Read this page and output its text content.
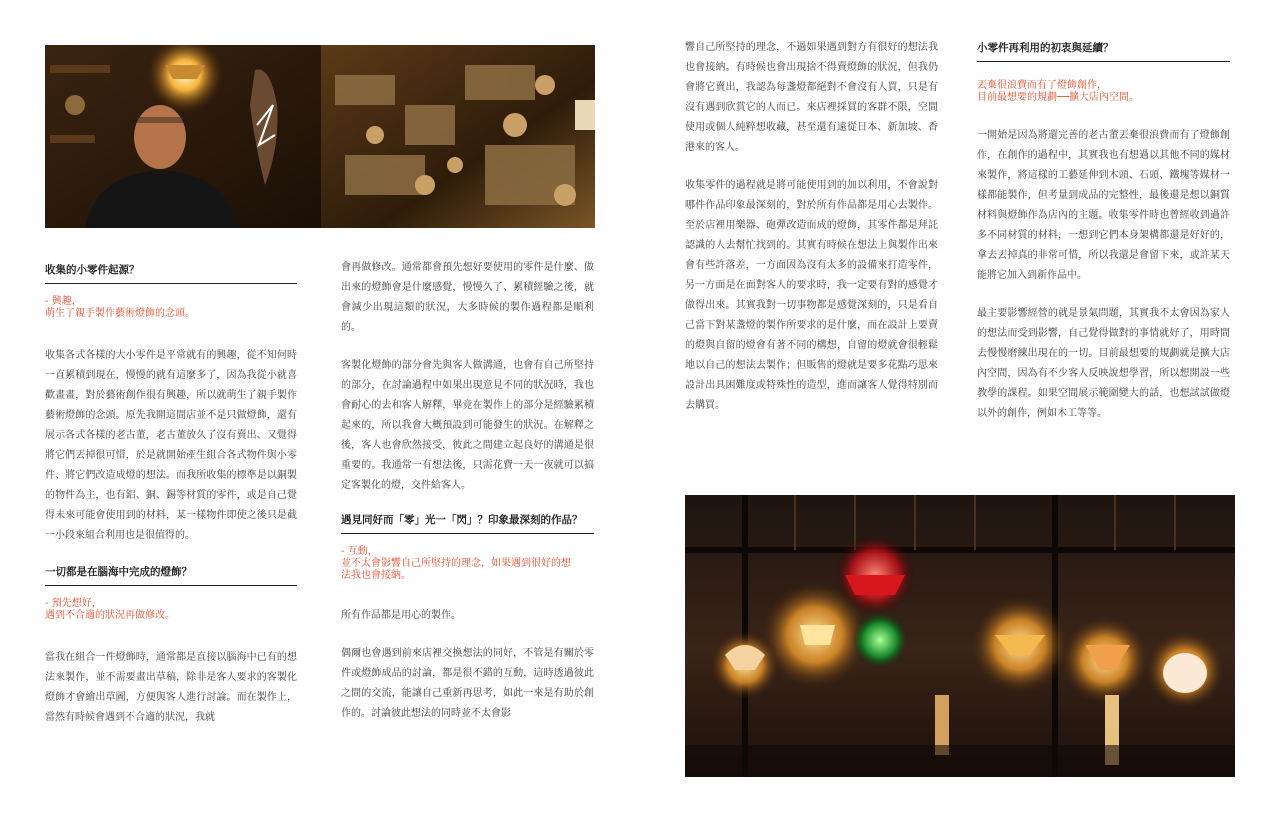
收集的小零件起源？

- 興趣，
萌生了親手製作藝術燈飾的念頭。

收集各式各樣的大小零件是平常就有的興趣，從不知何時一直累積到現在，慢慢的就有這麼多了，因為我從小就喜歡畫畫，對於藝術創作很有興趣，所以就萌生了親手製作藝術燈飾的念頭。原先我開這間店並不是只做燈飾，還有展示各式各樣的老古董，老古董放久了沒有賣出、又覺得將它們丟掉很可惜，於是就開始產生組合各式物件與小零件、將它們改造成燈的想法。而我所收集的標準是以銅製的物件為主，也有鋁、銅、錫等材質的零件，或是自己覺得未來可能會使用到的材料，某一樣物件即使之後只是截一小段來組合利用也是很值得的。

一切都是在腦海中完成的燈飾？

- 預先想好，
遇到不合適的狀況再做修改。

當我在組合一件燈飾時，通常都是直接以腦海中已有的想法來製作，並不需要畫出草稿，除非是客人要求的客製化燈飾才會繪出草圖，方便與客人進行討論。而在製作上，當然有時候會遇到不合適的狀況，我就

會再做修改。通常都會預先想好要使用的零件是什麼、做出來的燈飾會是什麼感覺，慢慢久了、累積經驗之後，就會減少出現這類的狀況，大多時候的製作過程都是順利的。

客製化燈飾的部分會先與客人做溝通，也會有自己所堅持的部分，在討論過程中如果出現意見不同的狀況時，我也會耐心的去和客人解釋，畢竟在製作上的部分是經驗累積起來的，所以我會大概預設到可能發生的狀況。在解釋之後，客人也會欣然接受，彼此之間建立起良好的溝通是很重要的。我通常一有想法後，只需花費一天一夜就可以搞定客製化的燈，交件給客人。

遇見同好而「零」光一「閃」？印象最深刻的作品？

- 互動，
並不太會影響自己所堅持的理念，如果遇到很好的想
法我也會接納。

所有作品都是用心的製作。

偶爾也會遇到前來店裡交換想法的同好，不管是有關於零件或燈飾成品的討論，都是很不錯的互動，這時透過彼此之間的交流，能讓自己重新再思考，如此一來是有助於創作的。討論彼此想法的同時並不太會影

響自己所堅持的理念，不過如果遇到對方有很好的想法我也會接納。有時候也會出現捨不得賣燈飾的狀況，但我仍會將它賣出，我認為每盞燈都絕對不會沒有人買，只是有沒有遇到欣賞它的人而已。來店裡採買的客群不限，空間使用或個人純粹想收藏，甚至還有遠從日本、新加坡、香港來的客人。

收集零件的過程就是將可能使用到的加以利用，不會說對哪件作品印象最深刻的，對於所有作品都是用心去製作。至於店裡用樂器、砲彈改造而成的燈飾，其零件都是拜託認識的人去幫忙找到的。其實有時候在想法上與製作出來會有些許落差，一方面因為沒有太多的設備來打造零件，另一方面是在面對客人的要求時，我一定要有對的感覺才做得出來。其實我對一切事物都是感覺深刻的，只是看自己當下對某盞燈的製作所要求的是什麼，而在設計上要賣的燈與自留的燈會有著不同的構想，自留的燈就會很輕鬆地以自己的想法去製作；但販售的燈就是要多花點巧思來設計出具困難度或特殊性的造型，進而讓客人覺得特別而去購買。

小零件再利用的初衷與延續？

丟棄很浪費而有了燈飾創作，
目前最想要的規劃──擴大店內空間。

一開始是因為將還完善的老古董丟棄很浪費而有了燈飾創作，在創作的過程中，其實我也有想過以其他不同的媒材來製作，將這樣的工藝延伸到木頭、石頭、鐵塊等媒材一樣都能製作，但考量到成品的完整性，最後還是想以銅質材料與燈飾作為店內的主題。收集零件時也曾經收到過許多不同材質的材料，一想到它們本身架構都還是好好的，拿去丟掉真的非常可惜，所以我還是會留下來，或許某天能將它加入到新作品中。

最主要影響經營的就是景氣問題，其實我不太會因為家人的想法而受到影響，自己覺得做對的事情就好了，用時間去慢慢磨練出現在的一切。目前最想要的規劃就是擴大店內空間，因為有不少客人反映說想學習，所以想開設一些教學的課程。如果空間展示範圍變大的話，也想試試做燈以外的創作，例如木工等等。
